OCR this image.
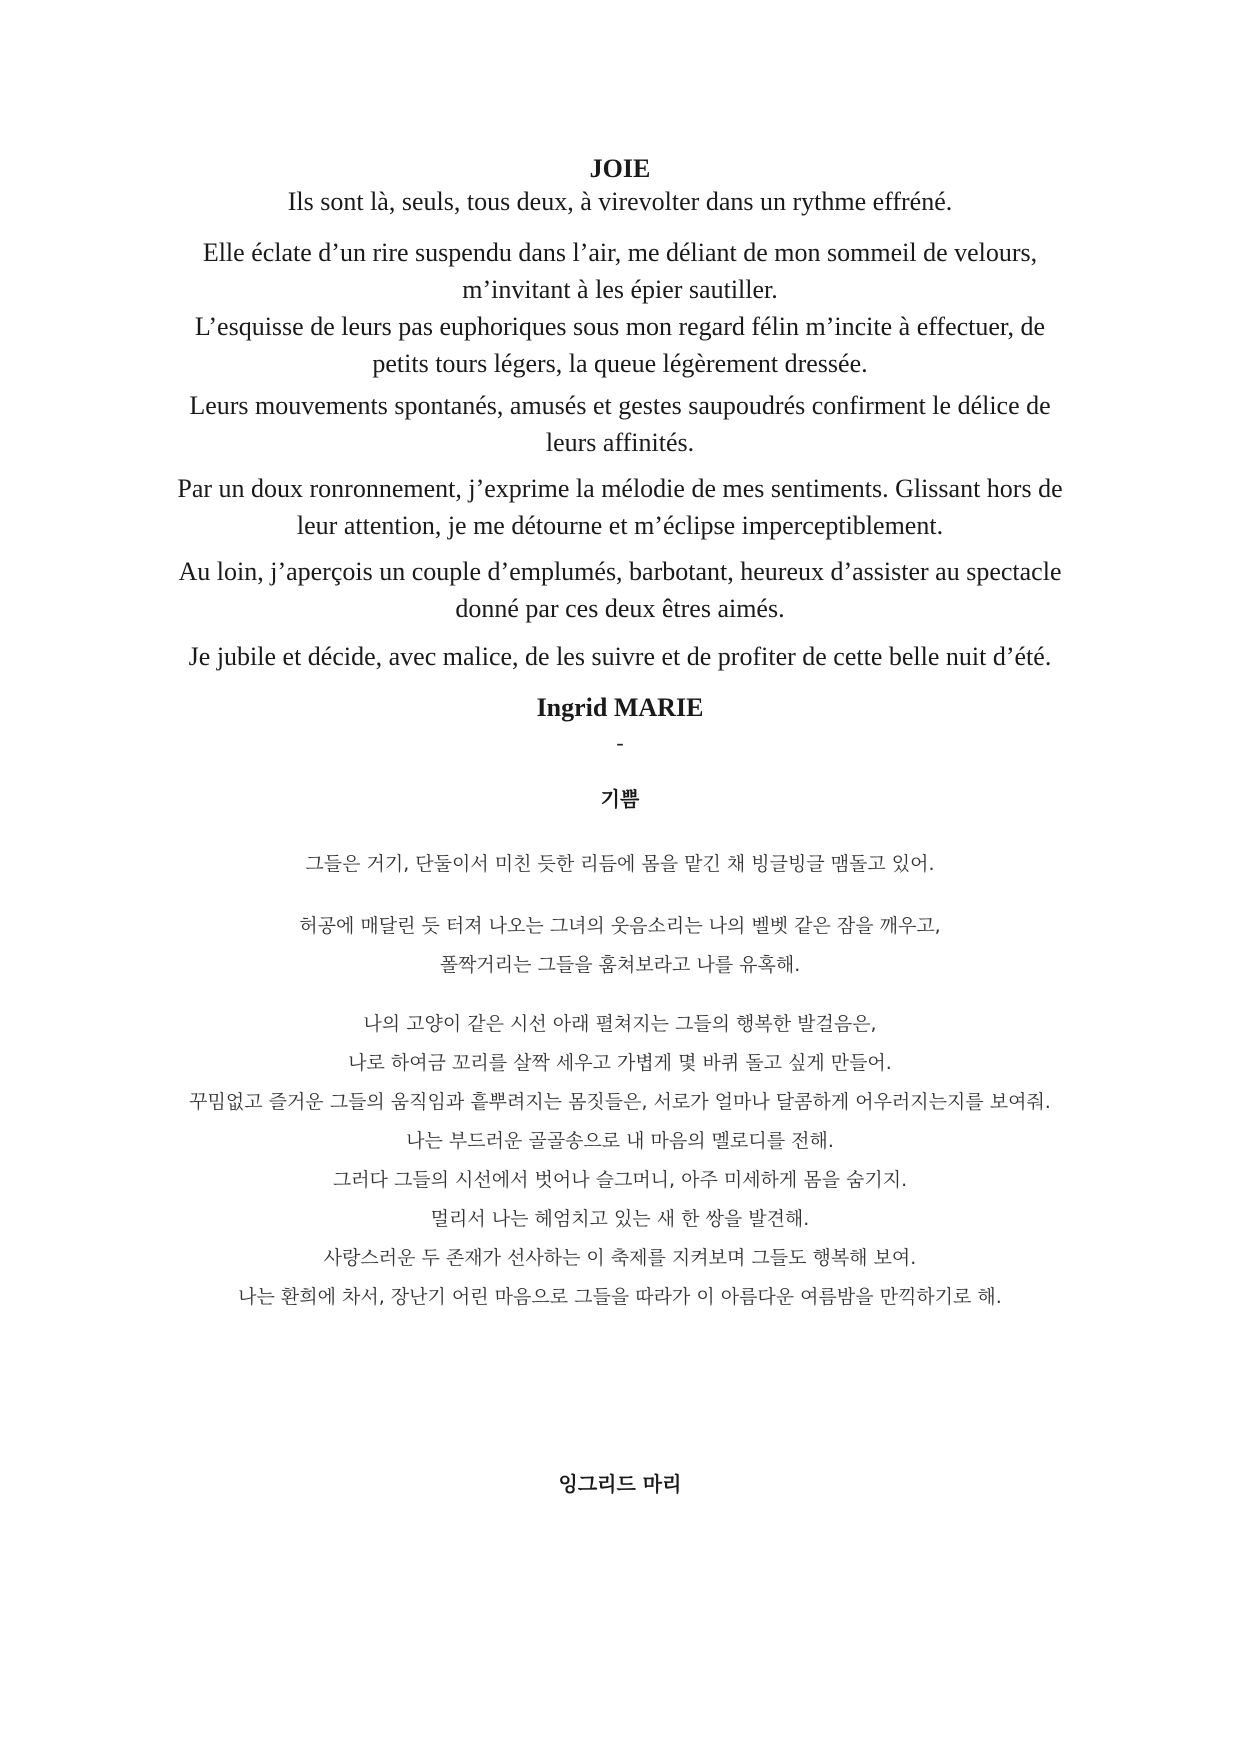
JOIE
Ils sont là, seuls, tous deux, à virevolter dans un rythme effréné.
Elle éclate d’un rire suspendu dans l’air, me déliant de mon sommeil de velours,
m’invitant à les épier sautiller.
L’esquisse de leurs pas euphoriques sous mon regard félin m’incite à effectuer, de
petits tours légers, la queue légèrement dressée.
Leurs mouvements spontanés, amusés et gestes saupoudrés confirment le délice de
leurs affinités.
Par un doux ronronnement, j’exprime la mélodie de mes sentiments. Glissant hors de
leur attention, je me détourne et m’éclipse imperceptiblement.
Au loin, j’aperçois un couple d’emplumés, barbotant, heureux d’assister au spectacle
donné par ces deux êtres aimés.
Je jubile et décide, avec malice, de les suivre et de profiter de cette belle nuit d’été.
Ingrid MARIE
-
기쁨
그들은 거기, 단둘이서 미친 듯한 리듬에 몸을 맡긴 채 빙글빙글 맴돌고 있어.
허공에 매달린 듯 터져 나오는 그녀의 웃음소리는 나의 벨벳 같은 잠을 깨우고,
폴짝거리는 그들을 훔쳐보라고 나를 유혹해.
나의 고양이 같은 시선 아래 펼쳐지는 그들의 행복한 발걸음은,
나로 하여금 꼬리를 살짝 세우고 가볍게 몇 바퀴 돌고 싶게 만들어.
꾸밈없고 즐거운 그들의 움직임과 흩뿌려지는 몸짓들은, 서로가 얼마나 달콤하게 어우러지는지를 보여줘.
나는 부드러운 골골송으로 내 마음의 멜로디를 전해.
그러다 그들의 시선에서 벗어나 슬그머니, 아주 미세하게 몸을 숨기지.
멀리서 나는 헤엄치고 있는 새 한 쌍을 발견해.
사랑스러운 두 존재가 선사하는 이 축제를 지켜보며 그들도 행복해 보여.
나는 환희에 차서, 장난기 어린 마음으로 그들을 따라가 이 아름다운 여름밤을 만끽하기로 해.
잉그리드 마리
